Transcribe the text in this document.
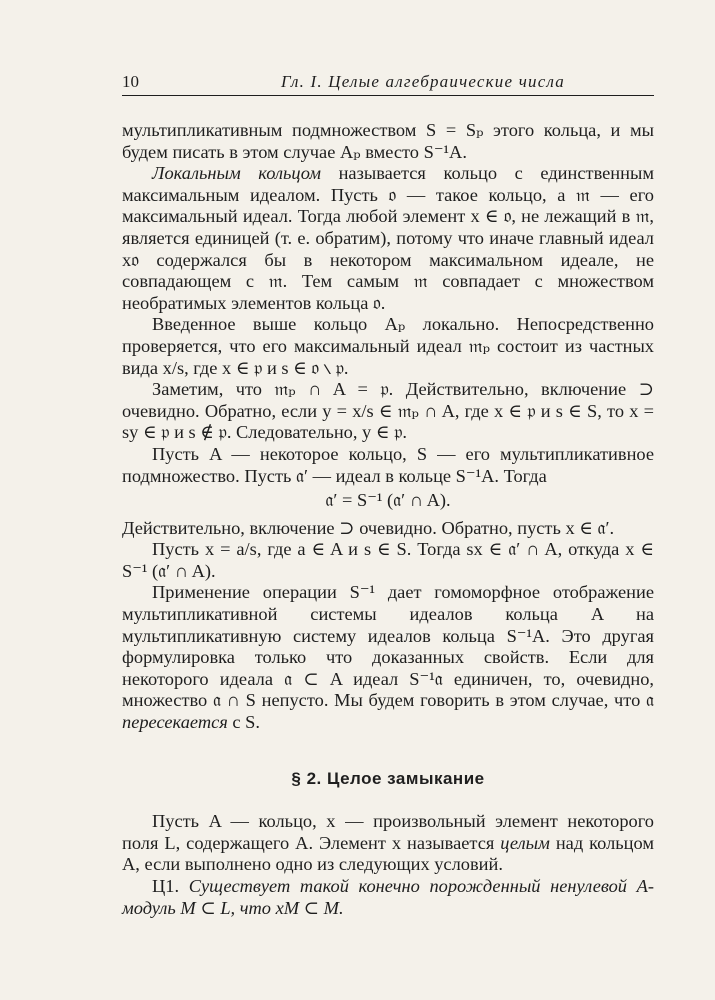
10	Гл. I. Целые алгебраические числа

мультипликативным подмножеством S = Sₚ этого кольца, и мы будем писать в этом случае Aₚ вместо S⁻¹A.

Локальным кольцом называется кольцо с единственным максимальным идеалом. Пусть 𝔬 — такое кольцо, а 𝔪 — его максимальный идеал. Тогда любой элемент x ∈ 𝔬, не лежащий в 𝔪, является единицей (т. е. обратим), потому что иначе главный идеал x𝔬 содержался бы в некотором максимальном идеале, не совпадающем с 𝔪. Тем самым 𝔪 совпадает с множеством необратимых элементов кольца 𝔬.

Введенное выше кольцо Aₚ локально. Непосредственно проверяется, что его максимальный идеал 𝔪ₚ состоит из частных вида x/s, где x ∈ 𝔭 и s ∈ 𝔬 ∖ 𝔭.

Заметим, что 𝔪ₚ ∩ A = 𝔭. Действительно, включение ⊃ очевидно. Обратно, если y = x/s ∈ 𝔪ₚ ∩ A, где x ∈ 𝔭 и s ∈ S, то x = sy ∈ 𝔭 и s ∉ 𝔭. Следовательно, y ∈ 𝔭.

Пусть A — некоторое кольцо, S — его мультипликативное подмножество. Пусть 𝔞′ — идеал в кольце S⁻¹A. Тогда

𝔞′ = S⁻¹ (𝔞′ ∩ A).

Действительно, включение ⊃ очевидно. Обратно, пусть x ∈ 𝔞′.

Пусть x = a/s, где a ∈ A и s ∈ S. Тогда sx ∈ 𝔞′ ∩ A, откуда x ∈ S⁻¹ (𝔞′ ∩ A).

Применение операции S⁻¹ дает гомоморфное отображение мультипликативной системы идеалов кольца A на мультипликативную систему идеалов кольца S⁻¹A. Это другая формулировка только что доказанных свойств. Если для некоторого идеала 𝔞 ⊂ A идеал S⁻¹𝔞 единичен, то, очевидно, множество 𝔞 ∩ S непусто. Мы будем говорить в этом случае, что 𝔞 пересекается с S.

§ 2. Целое замыкание

Пусть A — кольцо, x — произвольный элемент некоторого поля L, содержащего A. Элемент x называется целым над кольцом A, если выполнено одно из следующих условий.

Ц1. Существует такой конечно порожденный ненулевой A-модуль M ⊂ L, что xM ⊂ M.
